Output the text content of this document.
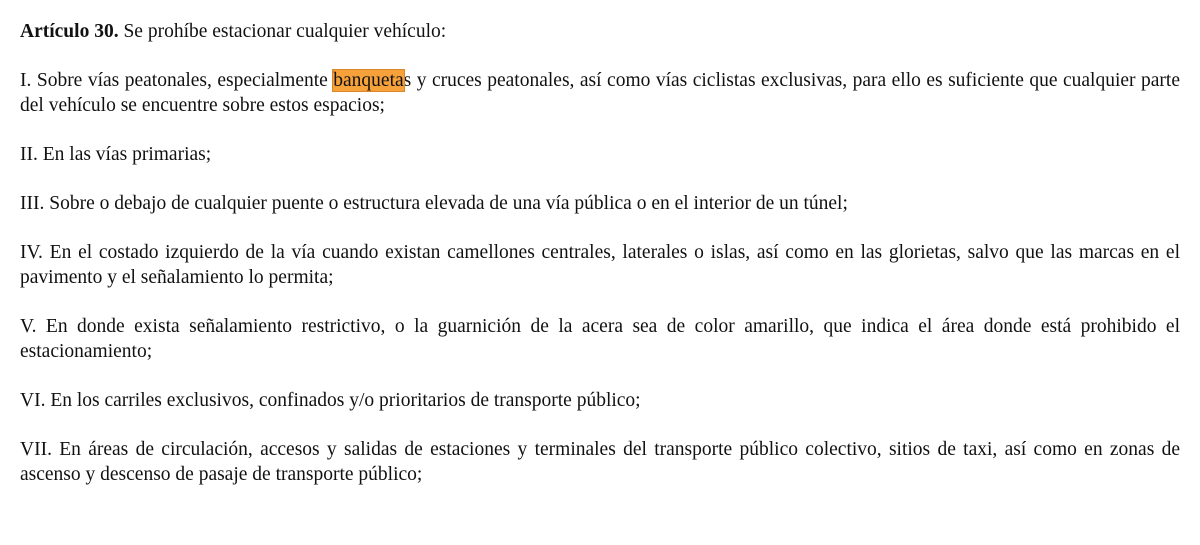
Artículo 30. Se prohíbe estacionar cualquier vehículo:

I. Sobre vías peatonales, especialmente banquetas y cruces peatonales, así como vías ciclistas exclusivas, para ello es suficiente que cualquier parte del vehículo se encuentre sobre estos espacios;

II. En las vías primarias;

III. Sobre o debajo de cualquier puente o estructura elevada de una vía pública o en el interior de un túnel;

IV. En el costado izquierdo de la vía cuando existan camellones centrales, laterales o islas, así como en las glorietas, salvo que las marcas en el pavimento y el señalamiento lo permita;

V. En donde exista señalamiento restrictivo, o la guarnición de la acera sea de color amarillo, que indica el área donde está prohibido el estacionamiento;

VI. En los carriles exclusivos, confinados y/o prioritarios de transporte público;

VII. En áreas de circulación, accesos y salidas de estaciones y terminales del transporte público colectivo, sitios de taxi, así como en zonas de ascenso y descenso de pasaje de transporte público;
